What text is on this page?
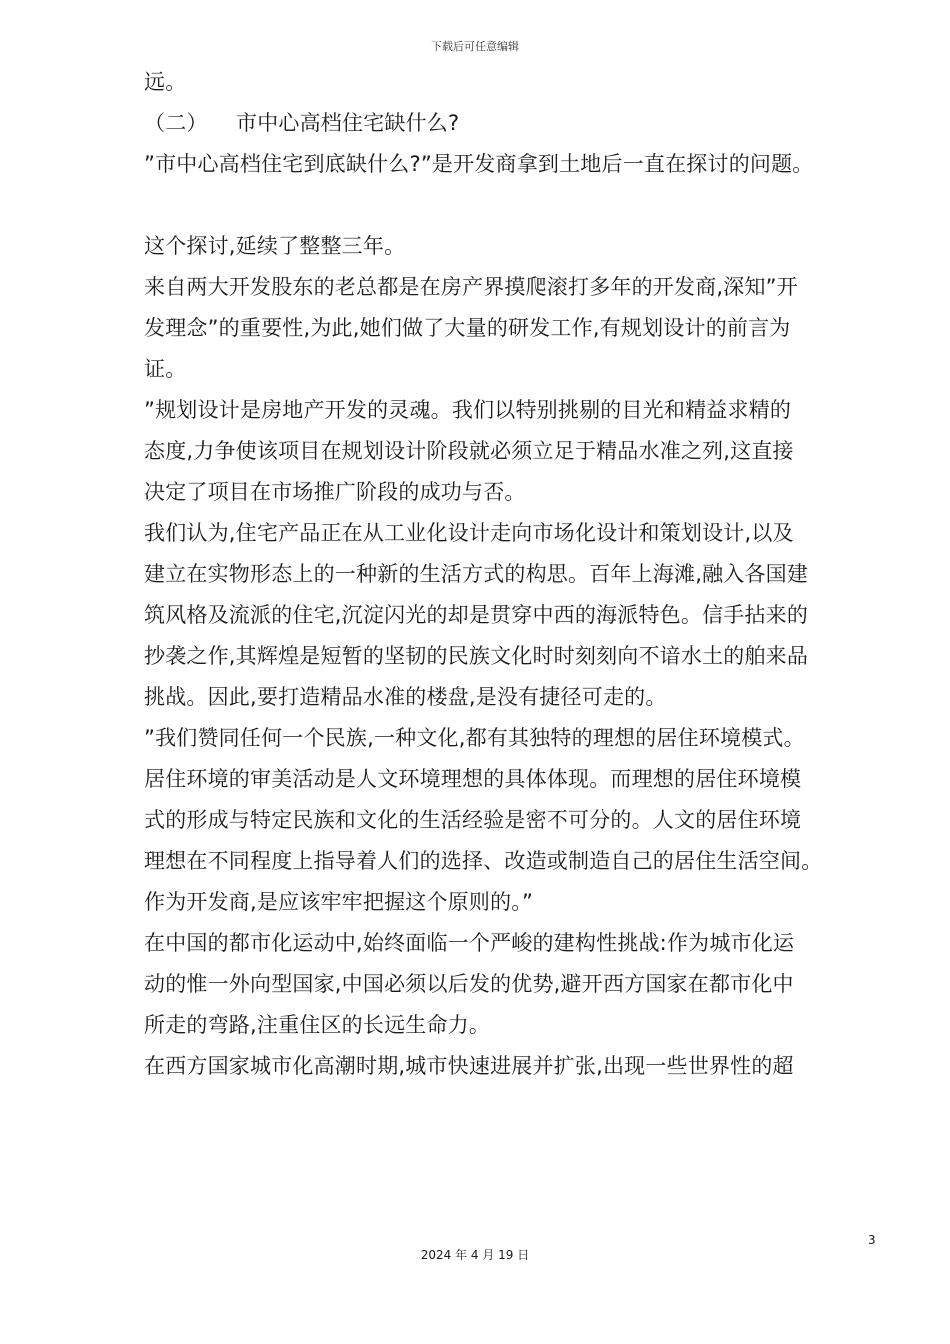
下载后可任意编辑
远。
（二） 市中心高档住宅缺什么?
”市中心高档住宅到底缺什么?”是开发商拿到土地后一直在探讨的问题。
这个探讨,延续了整整三年。
来自两大开发股东的老总都是在房产界摸爬滚打多年的开发商,深知”开
发理念”的重要性,为此,她们做了大量的研发工作,有规划设计的前言为
证。
”规划设计是房地产开发的灵魂。我们以特别挑剔的目光和精益求精的
态度,力争使该项目在规划设计阶段就必须立足于精品水准之列,这直接
决定了项目在市场推广阶段的成功与否。
我们认为,住宅产品正在从工业化设计走向市场化设计和策划设计,以及
建立在实物形态上的一种新的生活方式的构思。百年上海滩,融入各国建
筑风格及流派的住宅,沉淀闪光的却是贯穿中西的海派特色。信手拈来的
抄袭之作,其辉煌是短暂的坚韧的民族文化时时刻刻向不谙水土的舶来品
挑战。因此,要打造精品水准的楼盘,是没有捷径可走的。
”我们赞同任何一个民族,一种文化,都有其独特的理想的居住环境模式。
居住环境的审美活动是人文环境理想的具体体现。而理想的居住环境模
式的形成与特定民族和文化的生活经验是密不可分的。人文的居住环境
理想在不同程度上指导着人们的选择、改造或制造自己的居住生活空间。
作为开发商,是应该牢牢把握这个原则的。”
在中国的都市化运动中,始终面临一个严峻的建构性挑战:作为城市化运
动的惟一外向型国家,中国必须以后发的优势,避开西方国家在都市化中
所走的弯路,注重住区的长远生命力。
在西方国家城市化高潮时期,城市快速进展并扩张,出现一些世界性的超
3
2024 年 4 月 19 日
